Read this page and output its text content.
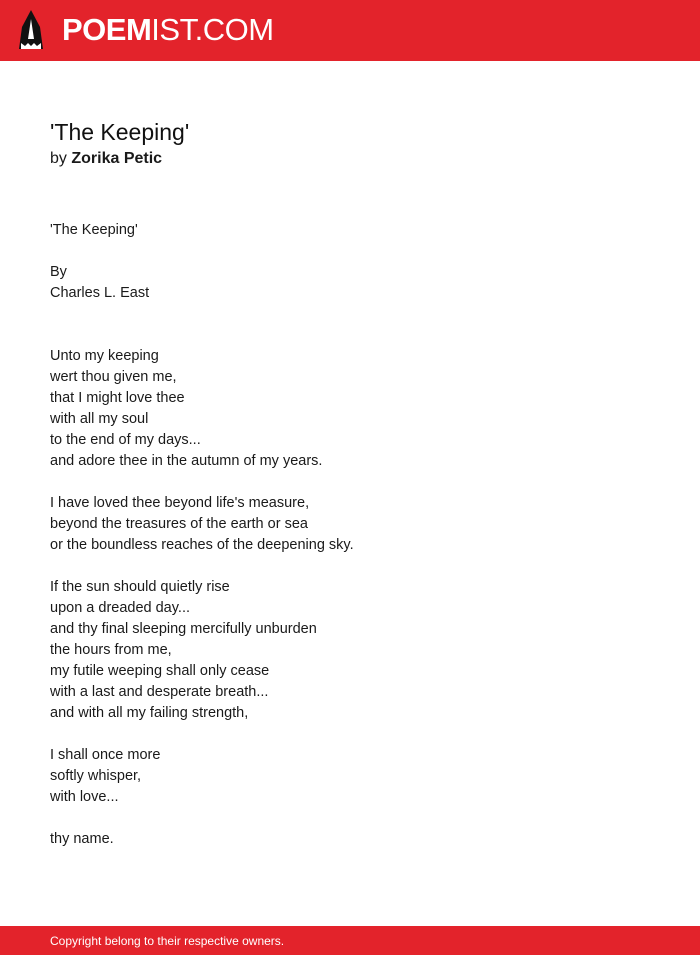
POEMIST.COM
'The Keeping'
by Zorika Petic
'The Keeping'
By
Charles L. East
Unto my keeping
wert thou given me,
that I might love thee
with all my soul
to the end of my days...
and adore thee in the autumn of my years.
I have loved thee beyond life's measure,
beyond the treasures of the earth or sea
or the boundless reaches of the deepening sky.
If the sun should quietly rise
upon a dreaded day...
and thy final sleeping mercifully unburden
the hours from me,
my futile weeping shall only cease
with a last and desperate breath...
and with all my failing strength,
I shall once more
softly whisper,
with love...
thy name.
Copyright belong to their respective owners.
